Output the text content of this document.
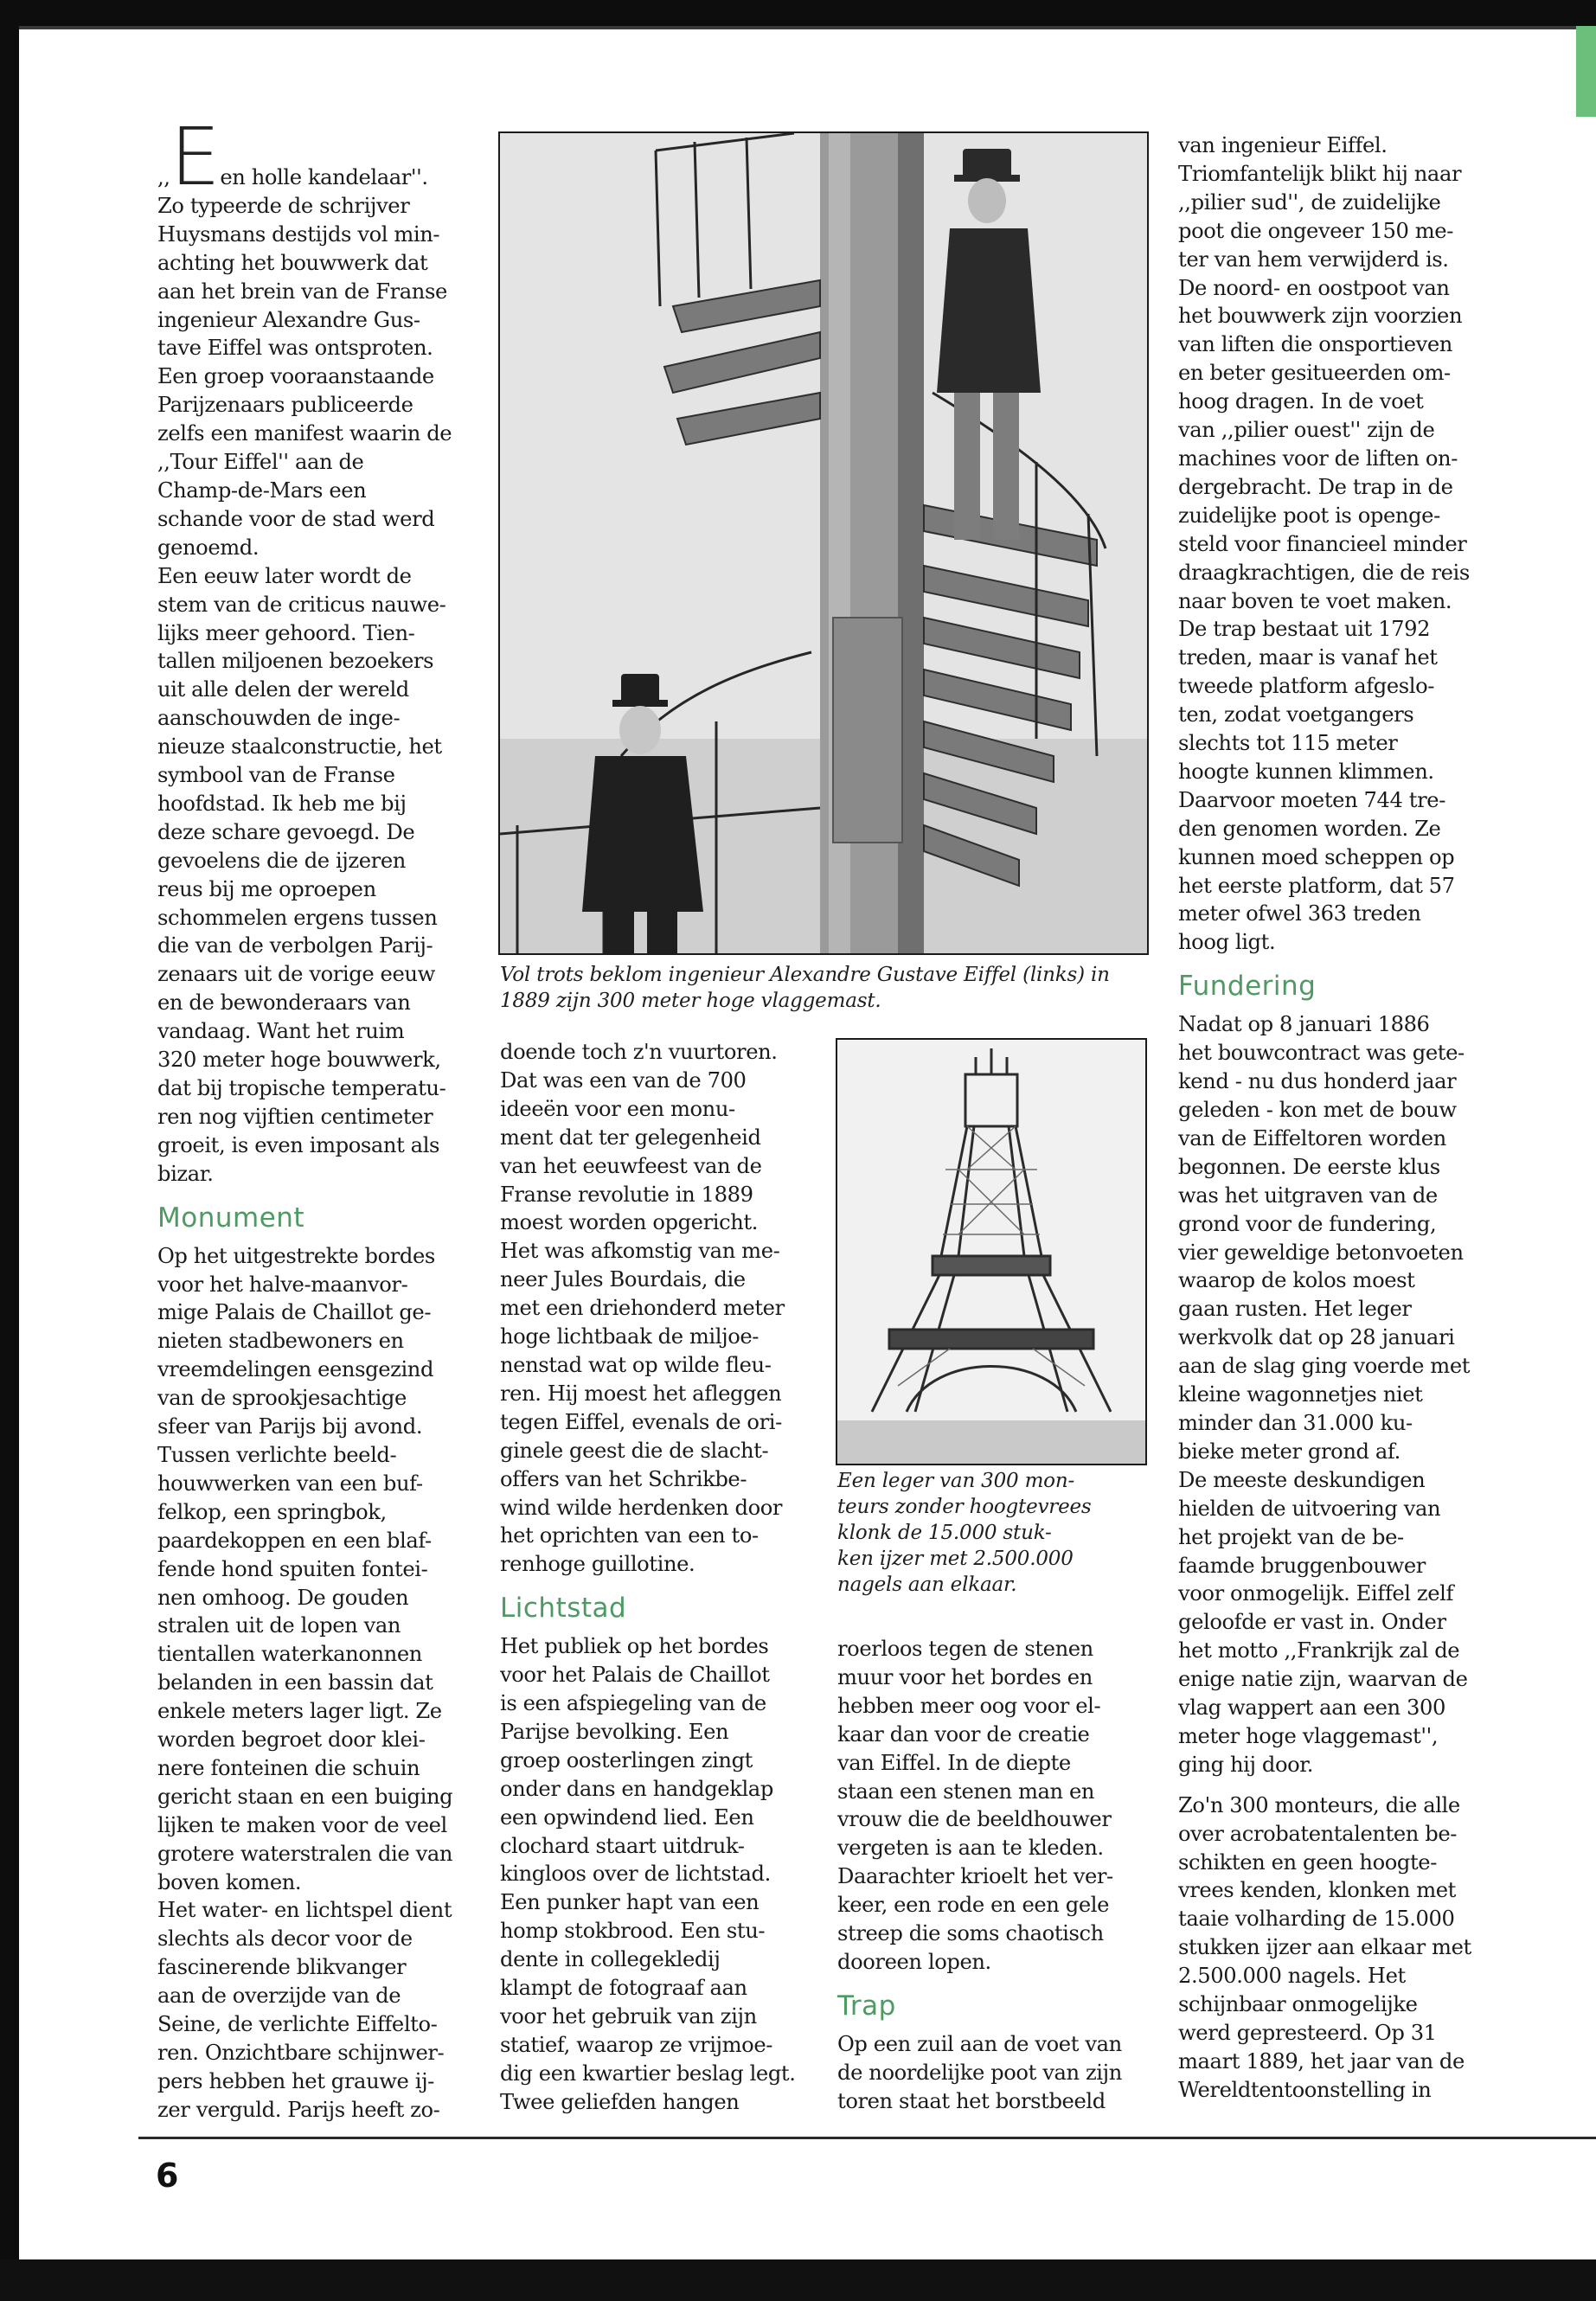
,,Een holle kandelaar''.
Zo typeerde de schrijver
Huysmans destijds vol min-
achting het bouwwerk dat
aan het brein van de Franse
ingenieur Alexandre Gus-
tave Eiffel was ontsproten.
Een groep vooraanstaande
Parijzenaars publiceerde
zelfs een manifest waarin de
,,Tour Eiffel'' aan de
Champ-de-Mars een
schande voor de stad werd
genoemd.
Een eeuw later wordt de
stem van de criticus nauwe-
lijks meer gehoord. Tien-
tallen miljoenen bezoekers
uit alle delen der wereld
aanschouwden de inge-
nieuze staalconstructie, het
symbool van de Franse
hoofdstad. Ik heb me bij
deze schare gevoegd. De
gevoelens die de ijzeren
reus bij me oproepen
schommelen ergens tussen
die van de verbolgen Parij-
zenaars uit de vorige eeuw
en de bewonderaars van
vandaag. Want het ruim
320 meter hoge bouwwerk,
dat bij tropische temperatu-
ren nog vijftien centimeter
groeit, is even imposant als
bizar.

Monument

Op het uitgestrekte bordes
voor het halve-maanvor-
mige Palais de Chaillot ge-
nieten stadbewoners en
vreemdelingen eensgezind
van de sprookjesachtige
sfeer van Parijs bij avond.
Tussen verlichte beeld-
houwwerken van een buf-
felkop, een springbok,
paardekoppen en een blaf-
fende hond spuiten fontei-
nen omhoog. De gouden
stralen uit de lopen van
tientallen waterkanonnen
belanden in een bassin dat
enkele meters lager ligt. Ze
worden begroet door klei-
nere fonteinen die schuin
gericht staan en een buiging
lijken te maken voor de veel
grotere waterstralen die van
boven komen.
Het water- en lichtspel dient
slechts als decor voor de
fascinerende blikvanger
aan de overzijde van de
Seine, de verlichte Eiffelto-
ren. Onzichtbare schijnwer-
pers hebben het grauwe ij-
zer verguld. Parijs heeft zo-

Vol trots beklom ingenieur Alexandre Gustave Eiffel (links) in
1889 zijn 300 meter hoge vlaggemast.

doende toch z'n vuurtoren.
Dat was een van de 700
ideeën voor een monu-
ment dat ter gelegenheid
van het eeuwfeest van de
Franse revolutie in 1889
moest worden opgericht.
Het was afkomstig van me-
neer Jules Bourdais, die
met een driehonderd meter
hoge lichtbaak de miljoe-
nenstad wat op wilde fleu-
ren. Hij moest het afleggen
tegen Eiffel, evenals de ori-
ginele geest die de slacht-
offers van het Schrikbe-
wind wilde herdenken door
het oprichten van een to-
renhoge guillotine.

Lichtstad

Het publiek op het bordes
voor het Palais de Chaillot
is een afspiegeling van de
Parijse bevolking. Een
groep oosterlingen zingt
onder dans en handgeklap
een opwindend lied. Een
clochard staart uitdruk-
kingloos over de lichtstad.
Een punker hapt van een
homp stokbrood. Een stu-
dente in collegekledij
klampt de fotograaf aan
voor het gebruik van zijn
statief, waarop ze vrijmoe-
dig een kwartier beslag legt.
Twee geliefden hangen

Een leger van 300 mon-
teurs zonder hoogtevrees
klonk de 15.000 stuk-
ken ijzer met 2.500.000
nagels aan elkaar.

roerloos tegen de stenen
muur voor het bordes en
hebben meer oog voor el-
kaar dan voor de creatie
van Eiffel. In de diepte
staan een stenen man en
vrouw die de beeldhouwer
vergeten is aan te kleden.
Daarachter krioelt het ver-
keer, een rode en een gele
streep die soms chaotisch
dooreen lopen.

Trap

Op een zuil aan de voet van
de noordelijke poot van zijn
toren staat het borstbeeld

van ingenieur Eiffel.
Triomfantelijk blikt hij naar
,,pilier sud'', de zuidelijke
poot die ongeveer 150 me-
ter van hem verwijderd is.
De noord- en oostpoot van
het bouwwerk zijn voorzien
van liften die onsportieven
en beter gesitueerden om-
hoog dragen. In de voet
van ,,pilier ouest'' zijn de
machines voor de liften on-
dergebracht. De trap in de
zuidelijke poot is openge-
steld voor financieel minder
draagkrachtigen, die de reis
naar boven te voet maken.
De trap bestaat uit 1792
treden, maar is vanaf het
tweede platform afgeslo-
ten, zodat voetgangers
slechts tot 115 meter
hoogte kunnen klimmen.
Daarvoor moeten 744 tre-
den genomen worden. Ze
kunnen moed scheppen op
het eerste platform, dat 57
meter ofwel 363 treden
hoog ligt.

Fundering

Nadat op 8 januari 1886
het bouwcontract was gete-
kend - nu dus honderd jaar
geleden - kon met de bouw
van de Eiffeltoren worden
begonnen. De eerste klus
was het uitgraven van de
grond voor de fundering,
vier geweldige betonvoeten
waarop de kolos moest
gaan rusten. Het leger
werkvolk dat op 28 januari
aan de slag ging voerde met
kleine wagonnetjes niet
minder dan 31.000 ku-
bieke meter grond af.
De meeste deskundigen
hielden de uitvoering van
het projekt van de be-
faamde bruggenbouwer
voor onmogelijk. Eiffel zelf
geloofde er vast in. Onder
het motto ,,Frankrijk zal de
enige natie zijn, waarvan de
vlag wappert aan een 300
meter hoge vlaggemast'',
ging hij door.

Zo'n 300 monteurs, die alle
over acrobatentalenten be-
schikten en geen hoogte-
vrees kenden, klonken met
taaie volharding de 15.000
stukken ijzer aan elkaar met
2.500.000 nagels. Het
schijnbaar onmogelijke
werd gepresteerd. Op 31
maart 1889, het jaar van de
Wereldtentoonstelling in

6
